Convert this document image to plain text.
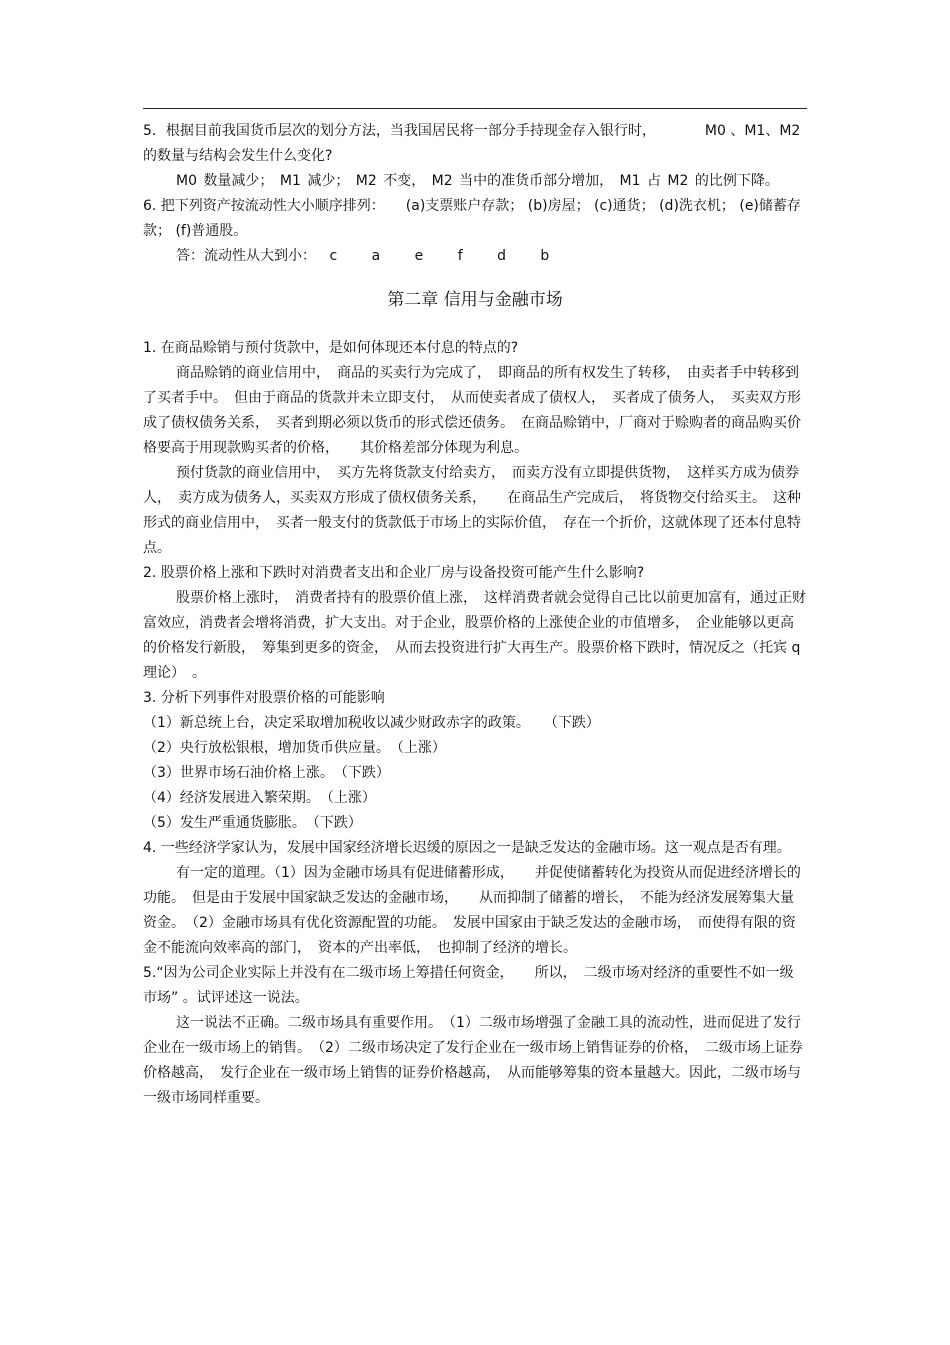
5．根据目前我国货币层次的划分方法，当我国居民将一部分手持现金存入银行时，　　　　M0 、M1、M2 的数量与结构会发生什么变化?

M0 数量减少； M1 减少； M2 不变， M2 当中的准货币部分增加， M1 占 M2 的比例下降。

6. 把下列资产按流动性大小顺序排列：　　(a)支票账户存款； (b)房屋； (c)通货； (d)洗衣机； (e)储蓄存款； (f)普通股。

答：流动性从大到小：　 c　　 a　　 e　　 f　　 d　　 b

第二章 信用与金融市场

1. 在商品赊销与预付货款中，是如何体现还本付息的特点的?

商品赊销的商业信用中，　商品的买卖行为完成了，　即商品的所有权发生了转移，　由卖者手中转移到了买者手中。　但由于商品的货款并未立即支付，　从而使卖者成了债权人，　买者成了债务人，　买卖双方形成了债权债务关系，　买者到期必须以货币的形式偿还债务。　在商品赊销中，厂商对于赊购者的商品购买价格要高于用现款购买者的价格，　　其价格差部分体现为利息。

预付货款的商业信用中，　买方先将货款支付给卖方，　而卖方没有立即提供货物，　这样买方成为债券人，　卖方成为债务人，买卖双方形成了债权债务关系，　　在商品生产完成后，　将货物交付给买主。　这种形式的商业信用中，　买者一般支付的货款低于市场上的实际价值，　存在一个折价，这就体现了还本付息特点。

2. 股票价格上涨和下跌时对消费者支出和企业厂房与设备投资可能产生什么影响?

股票价格上涨时，　消费者持有的股票价值上涨，　这样消费者就会觉得自己比以前更加富有，通过正财富效应，消费者会增将消费，扩大支出。对于企业，股票价格的上涨使企业的市值增多，　企业能够以更高的价格发行新股，　筹集到更多的资金，　从而去投资进行扩大再生产。股票价格下跌时，情况反之（托宾 q 理论）　。

3. 分析下列事件对股票价格的可能影响

（1）新总统上台，决定采取增加税收以减少财政赤字的政策。　　（下跌）

（2）央行放松银根，增加货币供应量。　（上涨）

（3）世界市场石油价格上涨。　（下跌）

（4）经济发展进入繁荣期。　（上涨）

（5）发生严重通货膨胀。　（下跌）

4. 一些经济学家认为，发展中国家经济增长迟缓的原因之一是缺乏发达的金融市场。这一观点是否有理。

有一定的道理。（1）因为金融市场具有促进储蓄形成，　　并促使储蓄转化为投资从而促进经济增长的功能。　但是由于发展中国家缺乏发达的金融市场，　　从而抑制了储蓄的增长，　不能为经济发展筹集大量资金。　（2）金融市场具有优化资源配置的功能。　发展中国家由于缺乏发达的金融市场，　而使得有限的资金不能流向效率高的部门，　资本的产出率低，　也抑制了经济的增长。

5.“因为公司企业实际上并没有在二级市场上筹措任何资金，　　所以，　二级市场对经济的重要性不如一级市场” 。试评述这一说法。

这一说法不正确。二级市场具有重要作用。　（1）二级市场增强了金融工具的流动性，进而促进了发行企业在一级市场上的销售。　（2）二级市场决定了发行企业在一级市场上销售证券的价格，　二级市场上证券价格越高，　发行企业在一级市场上销售的证券价格越高，　从而能够筹集的资本量越大。因此，二级市场与一级市场同样重要。
